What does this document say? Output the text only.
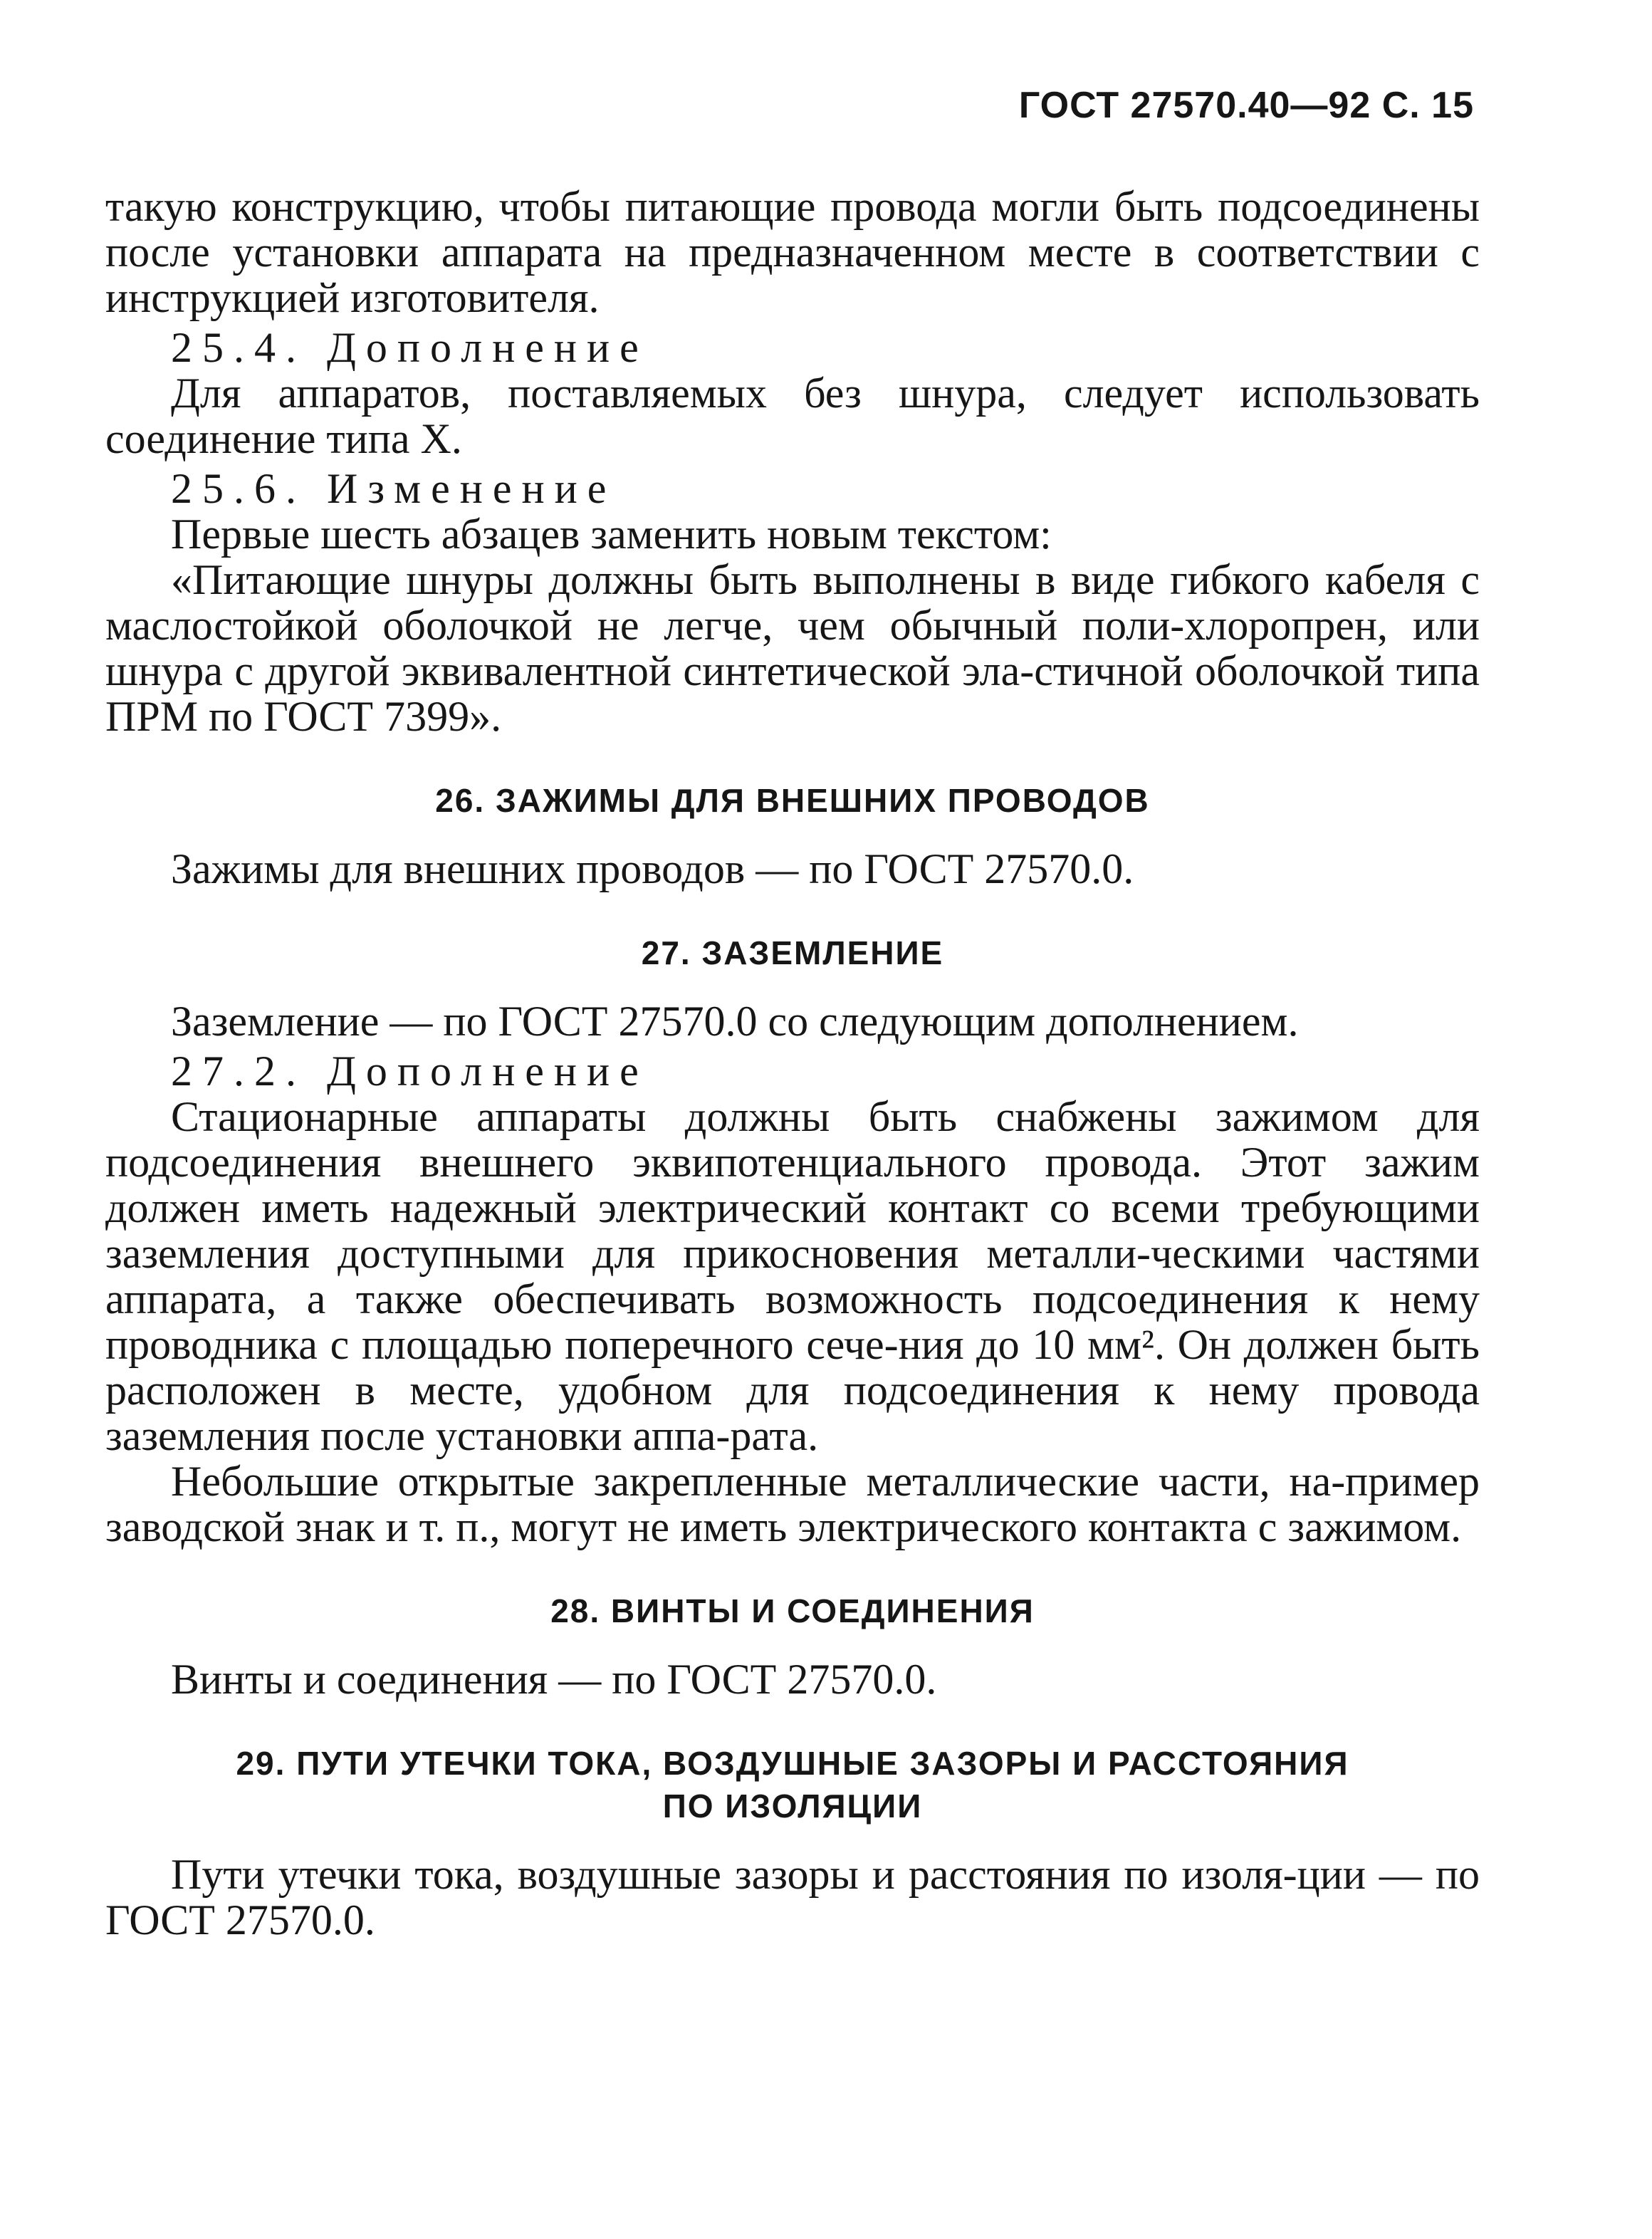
ГОСТ 27570.40—92 С. 15

такую конструкцию, чтобы питающие провода могли быть подсоединены после установки аппарата на предназначенном месте в соответствии с инструкцией изготовителя.

25.4. Дополнение

Для аппаратов, поставляемых без шнура, следует использовать соединение типа X.

25.6. Изменение

Первые шесть абзацев заменить новым текстом:

«Питающие шнуры должны быть выполнены в виде гибкого кабеля с маслостойкой оболочкой не легче, чем обычный поли-хлоропрен, или шнура с другой эквивалентной синтетической эла-стичной оболочкой типа ПРМ по ГОСТ 7399».

26. ЗАЖИМЫ ДЛЯ ВНЕШНИХ ПРОВОДОВ

Зажимы для внешних проводов — по ГОСТ 27570.0.

27. ЗАЗЕМЛЕНИЕ

Заземление — по ГОСТ 27570.0 со следующим дополнением.

27.2. Дополнение

Стационарные аппараты должны быть снабжены зажимом для подсоединения внешнего эквипотенциального провода. Этот зажим должен иметь надежный электрический контакт со всеми требующими заземления доступными для прикосновения металли-ческими частями аппарата, а также обеспечивать возможность подсоединения к нему проводника с площадью поперечного сече-ния до 10 мм². Он должен быть расположен в месте, удобном для подсоединения к нему провода заземления после установки аппа-рата.

Небольшие открытые закрепленные металлические части, на-пример заводской знак и т. п., могут не иметь электрического контакта с зажимом.

28. ВИНТЫ И СОЕДИНЕНИЯ

Винты и соединения — по ГОСТ 27570.0.

29. ПУТИ УТЕЧКИ ТОКА, ВОЗДУШНЫЕ ЗАЗОРЫ И РАССТОЯНИЯ
ПО ИЗОЛЯЦИИ

Пути утечки тока, воздушные зазоры и расстояния по изоля-ции — по ГОСТ 27570.0.
